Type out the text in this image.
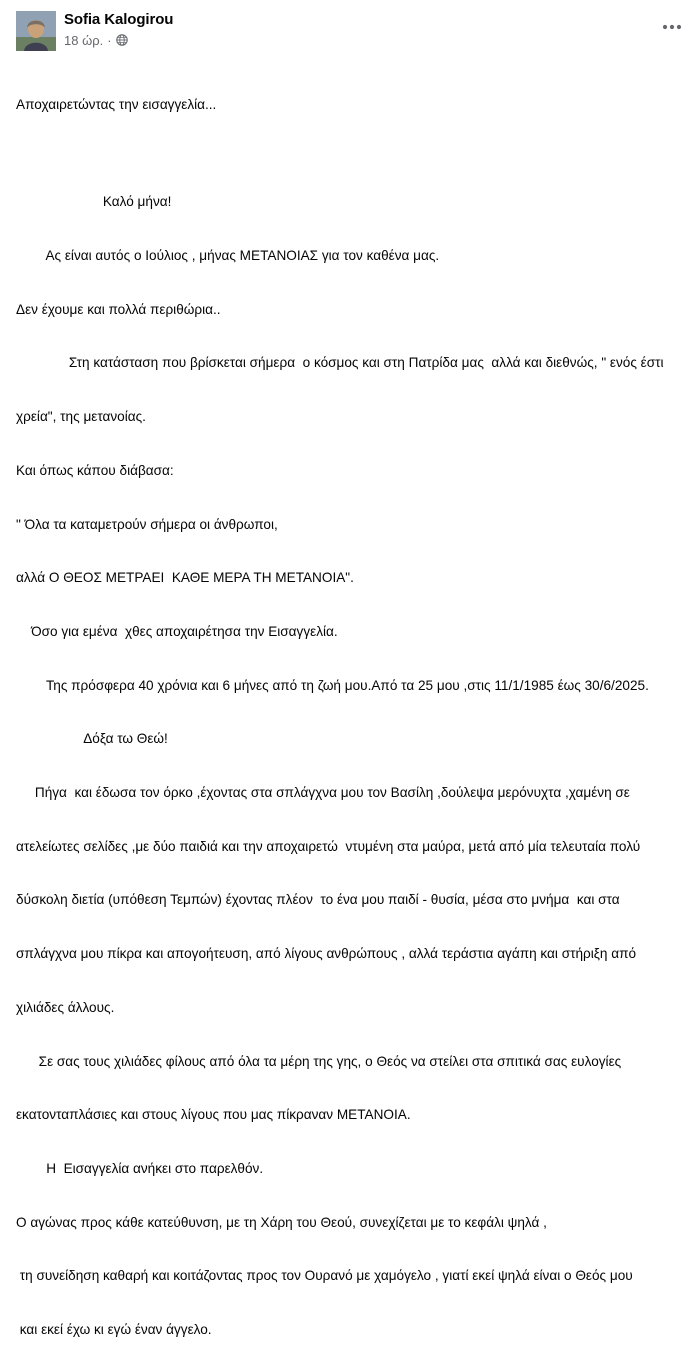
Sofia Kalogirou
18 ώρ. ·

Αποχαιρετώντας την εισαγγελία...

Καλό μήνα!

Ας είναι αυτός ο Ιούλιος , μήνας ΜΕΤΑΝΟΙΑΣ για τον καθένα μας.

Δεν έχουμε και πολλά περιθώρια..

Στη κατάσταση που βρίσκεται σήμερα  ο κόσμος και στη Πατρίδα μας  αλλά και διεθνώς, " ενός έστι

χρεία", της μετανοίας.

Και όπως κάπου διάβασα:

" Όλα τα καταμετρούν σήμερα οι άνθρωποι,

αλλά Ο ΘΕΟΣ ΜΕΤΡΑΕΙ  ΚΑΘΕ ΜΕΡΑ ΤΗ ΜΕΤΑΝΟΙΑ".

Όσο για εμένα  χθες αποχαιρέτησα την Εισαγγελία.

Της πρόσφερα 40 χρόνια και 6 μήνες από τη ζωή μου.Από τα 25 μου ,στις 11/1/1985 έως 30/6/2025.

Δόξα τω Θεώ!

Πήγα  και έδωσα τον όρκο ,έχοντας στα σπλάγχνα μου τον Βασίλη ,δούλεψα μερόνυχτα ,χαμένη σε

ατελείωτες σελίδες ,με δύο παιδιά και την αποχαιρετώ  ντυμένη στα μαύρα, μετά από μία τελευταία πολύ

δύσκολη διετία (υπόθεση Τεμπών) έχοντας πλέον  το ένα μου παιδί - θυσία, μέσα στο μνήμα  και στα

σπλάγχνα μου πίκρα και απογοήτευση, από λίγους ανθρώπους , αλλά τεράστια αγάπη και στήριξη από

χιλιάδες άλλους.

Σε σας τους χιλιάδες φίλους από όλα τα μέρη της γης, ο Θεός να στείλει στα σπιτικά σας ευλογίες

εκατονταπλάσιες και στους λίγους που μας πίκραναν ΜΕΤΑΝΟΙΑ.

Η  Εισαγγελία ανήκει στο παρελθόν.

Ο αγώνας προς κάθε κατεύθυνση, με τη Χάρη του Θεού, συνεχίζεται με το κεφάλι ψηλά ,

τη συνείδηση καθαρή και κοιτάζοντας προς τον Ουρανό με χαμόγελο , γιατί εκεί ψηλά είναι ο Θεός μου

και εκεί έχω κι εγώ έναν άγγελο.
